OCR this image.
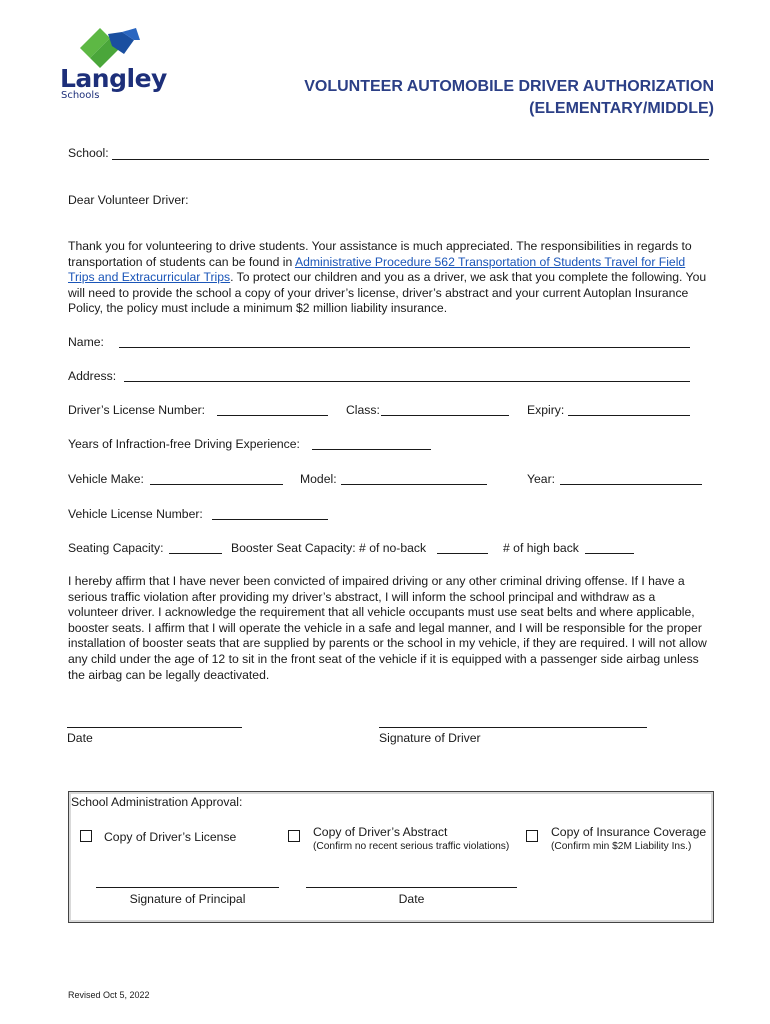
Langley
Schools
VOLUNTEER AUTOMOBILE DRIVER AUTHORIZATION
(ELEMENTARY/MIDDLE)
School:
Dear Volunteer Driver:
Thank you for volunteering to drive students. Your assistance is much appreciated. The responsibilities in regards to transportation of students can be found in Administrative Procedure 562 Transportation of Students Travel for Field Trips and Extracurricular Trips. To protect our children and you as a driver, we ask that you complete the following. You will need to provide the school a copy of your driver’s license, driver’s abstract and your current Autoplan Insurance Policy, the policy must include a minimum $2 million liability insurance.
Name:
Address:
Driver’s License Number:	Class:	Expiry:
Years of Infraction-free Driving Experience:
Vehicle Make:	Model:	Year:
Vehicle License Number:
Seating Capacity:	Booster Seat Capacity: # of no-back	# of high back
I hereby affirm that I have never been convicted of impaired driving or any other criminal driving offense. If I have a serious traffic violation after providing my driver’s abstract, I will inform the school principal and withdraw as a volunteer driver. I acknowledge the requirement that all vehicle occupants must use seat belts and where applicable, booster seats. I affirm that I will operate the vehicle in a safe and legal manner, and I will be responsible for the proper installation of booster seats that are supplied by parents or the school in my vehicle, if they are required. I will not allow any child under the age of 12 to sit in the front seat of the vehicle if it is equipped with a passenger side airbag unless the airbag can be legally deactivated.
Date	Signature of Driver
School Administration Approval:
Copy of Driver’s License	Copy of Driver’s Abstract
(Confirm no recent serious traffic violations)
Copy of Insurance Coverage
(Confirm min $2M Liability Ins.)
Signature of Principal	Date
Revised Oct 5, 2022
